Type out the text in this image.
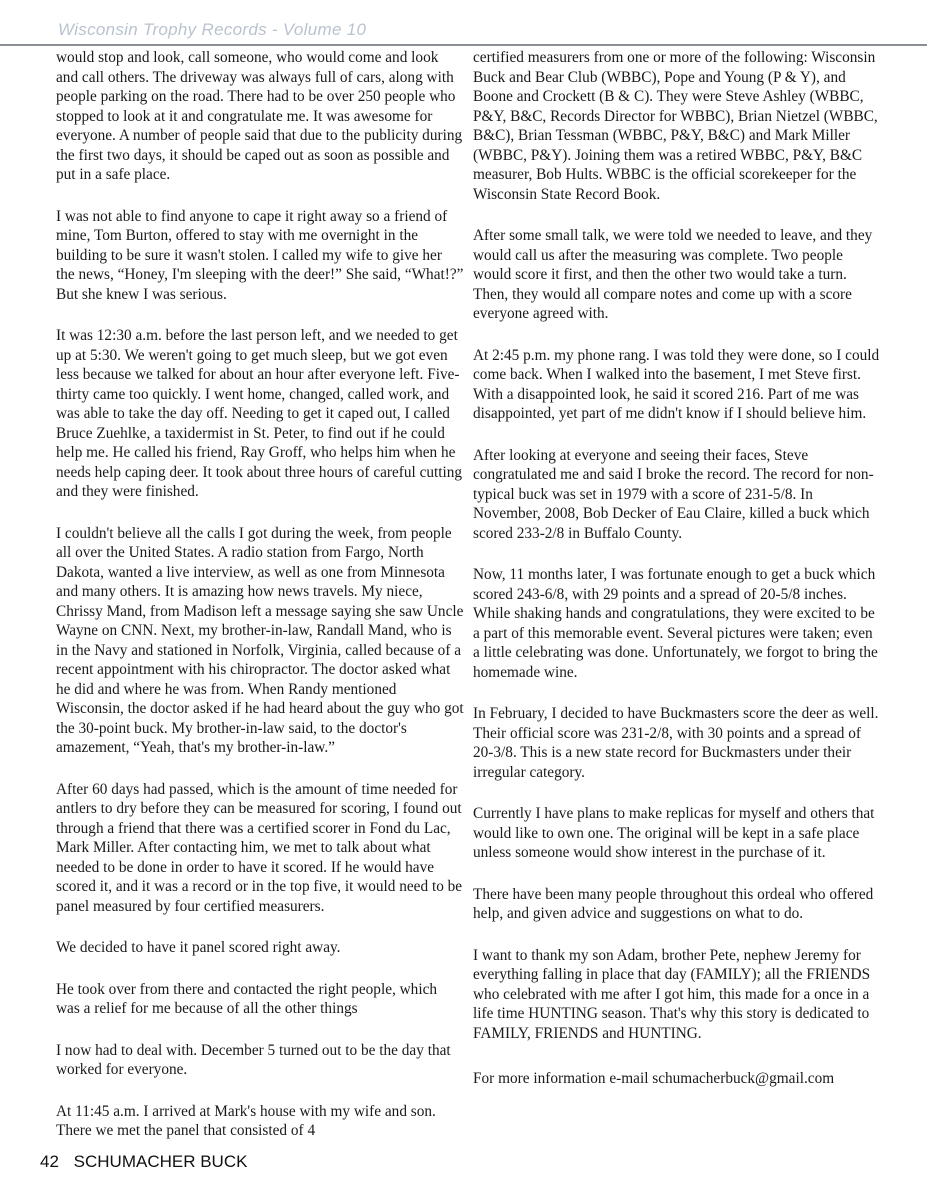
Wisconsin Trophy Records - Volume 10

would stop and look, call someone, who would come and look and call others. The driveway was always full of cars, along with people parking on the road. There had to be over 250 people who stopped to look at it and congratulate me. It was awesome for everyone. A number of people said that due to the publicity during the first two days, it should be caped out as soon as possible and put in a safe place.

I was not able to find anyone to cape it right away so a friend of mine, Tom Burton, offered to stay with me overnight in the building to be sure it wasn't stolen. I called my wife to give her the news, “Honey, I'm sleeping with the deer!” She said, “What!?” But she knew I was serious.

It was 12:30 a.m. before the last person left, and we needed to get up at 5:30. We weren't going to get much sleep, but we got even less because we talked for about an hour after everyone left. Five-thirty came too quickly. I went home, changed, called work, and was able to take the day off. Needing to get it caped out, I called Bruce Zuehlke, a taxidermist in St. Peter, to find out if he could help me. He called his friend, Ray Groff, who helps him when he needs help caping deer. It took about three hours of careful cutting and they were finished.

I couldn't believe all the calls I got during the week, from people all over the United States. A radio station from Fargo, North Dakota, wanted a live interview, as well as one from Minnesota and many others. It is amazing how news travels. My niece, Chrissy Mand, from Madison left a message saying she saw Uncle Wayne on CNN. Next, my brother-in-law, Randall Mand, who is in the Navy and stationed in Norfolk, Virginia, called because of a recent appointment with his chiropractor. The doctor asked what he did and where he was from. When Randy mentioned Wisconsin, the doctor asked if he had heard about the guy who got the 30-point buck. My brother-in-law said, to the doctor's amazement, “Yeah, that's my brother-in-law.”

After 60 days had passed, which is the amount of time needed for antlers to dry before they can be measured for scoring, I found out through a friend that there was a certified scorer in Fond du Lac, Mark Miller. After contacting him, we met to talk about what needed to be done in order to have it scored. If he would have scored it, and it was a record or in the top five, it would need to be panel measured by four certified measurers.

We decided to have it panel scored right away.

He took over from there and contacted the right people, which was a relief for me because of all the other things

I now had to deal with. December 5 turned out to be the day that worked for everyone.

At 11:45 a.m. I arrived at Mark's house with my wife and son. There we met the panel that consisted of 4

certified measurers from one or more of the following: Wisconsin Buck and Bear Club (WBBC), Pope and Young (P & Y), and Boone and Crockett (B & C). They were Steve Ashley (WBBC, P&Y, B&C, Records Director for WBBC), Brian Nietzel (WBBC, B&C), Brian Tessman (WBBC, P&Y, B&C) and Mark Miller (WBBC, P&Y). Joining them was a retired WBBC, P&Y, B&C measurer, Bob Hults. WBBC is the official scorekeeper for the Wisconsin State Record Book.

After some small talk, we were told we needed to leave, and they would call us after the measuring was complete. Two people would score it first, and then the other two would take a turn. Then, they would all compare notes and come up with a score everyone agreed with.

At 2:45 p.m. my phone rang. I was told they were done, so I could come back. When I walked into the basement, I met Steve first. With a disappointed look, he said it scored 216. Part of me was disappointed, yet part of me didn't know if I should believe him.

After looking at everyone and seeing their faces, Steve congratulated me and said I broke the record. The record for non-typical buck was set in 1979 with a score of 231-5/8. In November, 2008, Bob Decker of Eau Claire, killed a buck which scored 233-2/8 in Buffalo County.

Now, 11 months later, I was fortunate enough to get a buck which scored 243-6/8, with 29 points and a spread of 20-5/8 inches. While shaking hands and congratulations, they were excited to be a part of this memorable event. Several pictures were taken; even a little celebrating was done. Unfortunately, we forgot to bring the homemade wine.

In February, I decided to have Buckmasters score the deer as well. Their official score was 231-2/8, with 30 points and a spread of 20-3/8. This is a new state record for Buckmasters under their irregular category.

Currently I have plans to make replicas for myself and others that would like to own one. The original will be kept in a safe place unless someone would show interest in the purchase of it.

There have been many people throughout this ordeal who offered help, and given advice and suggestions on what to do.

I want to thank my son Adam, brother Pete, nephew Jeremy for everything falling in place that day (FAMILY); all the FRIENDS who celebrated with me after I got him, this made for a once in a life time HUNTING season. That's why this story is dedicated to FAMILY, FRIENDS and HUNTING.

For more information e-mail schumacherbuck@gmail.com

42 SCHUMACHER BUCK
